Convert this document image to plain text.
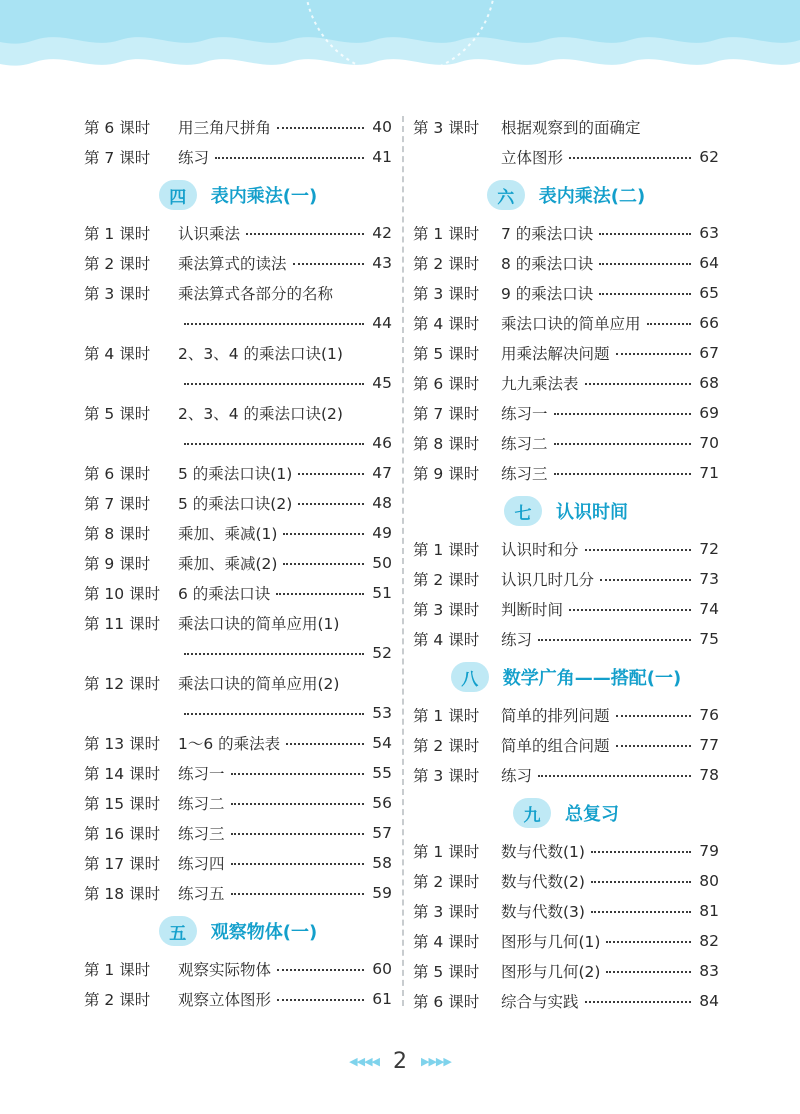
第 6 课时	用三角尺拼角	40
第 7 课时	练习	41
四	表内乘法(一)
第 1 课时	认识乘法	42
第 2 课时	乘法算式的读法	43
第 3 课时	乘法算式各部分的名称
44
第 4 课时	2、3、4 的乘法口诀(1)
45
第 5 课时	2、3、4 的乘法口诀(2)
46
第 6 课时	5 的乘法口诀(1)	47
第 7 课时	5 的乘法口诀(2)	48
第 8 课时	乘加、乘减(1)	49
第 9 课时	乘加、乘减(2)	50
第 10 课时	6 的乘法口诀	51
第 11 课时	乘法口诀的简单应用(1)
52
第 12 课时	乘法口诀的简单应用(2)
53
第 13 课时	1～6 的乘法表	54
第 14 课时	练习一	55
第 15 课时	练习二	56
第 16 课时	练习三	57
第 17 课时	练习四	58
第 18 课时	练习五	59
五	观察物体(一)
第 1 课时	观察实际物体	60
第 2 课时	观察立体图形	61
第 3 课时	根据观察到的面确定
立体图形	62
六	表内乘法(二)
第 1 课时	7 的乘法口诀	63
第 2 课时	8 的乘法口诀	64
第 3 课时	9 的乘法口诀	65
第 4 课时	乘法口诀的简单应用	66
第 5 课时	用乘法解决问题	67
第 6 课时	九九乘法表	68
第 7 课时	练习一	69
第 8 课时	练习二	70
第 9 课时	练习三	71
七	认识时间
第 1 课时	认识时和分	72
第 2 课时	认识几时几分	73
第 3 课时	判断时间	74
第 4 课时	练习	75
八	数学广角——搭配(一)
第 1 课时	简单的排列问题	76
第 2 课时	简单的组合问题	77
第 3 课时	练习	78
九	总复习
第 1 课时	数与代数(1)	79
第 2 课时	数与代数(2)	80
第 3 课时	数与代数(3)	81
第 4 课时	图形与几何(1)	82
第 5 课时	图形与几何(2)	83
第 6 课时	综合与实践	84
◀◀◀◀ 2 ▶▶▶▶
